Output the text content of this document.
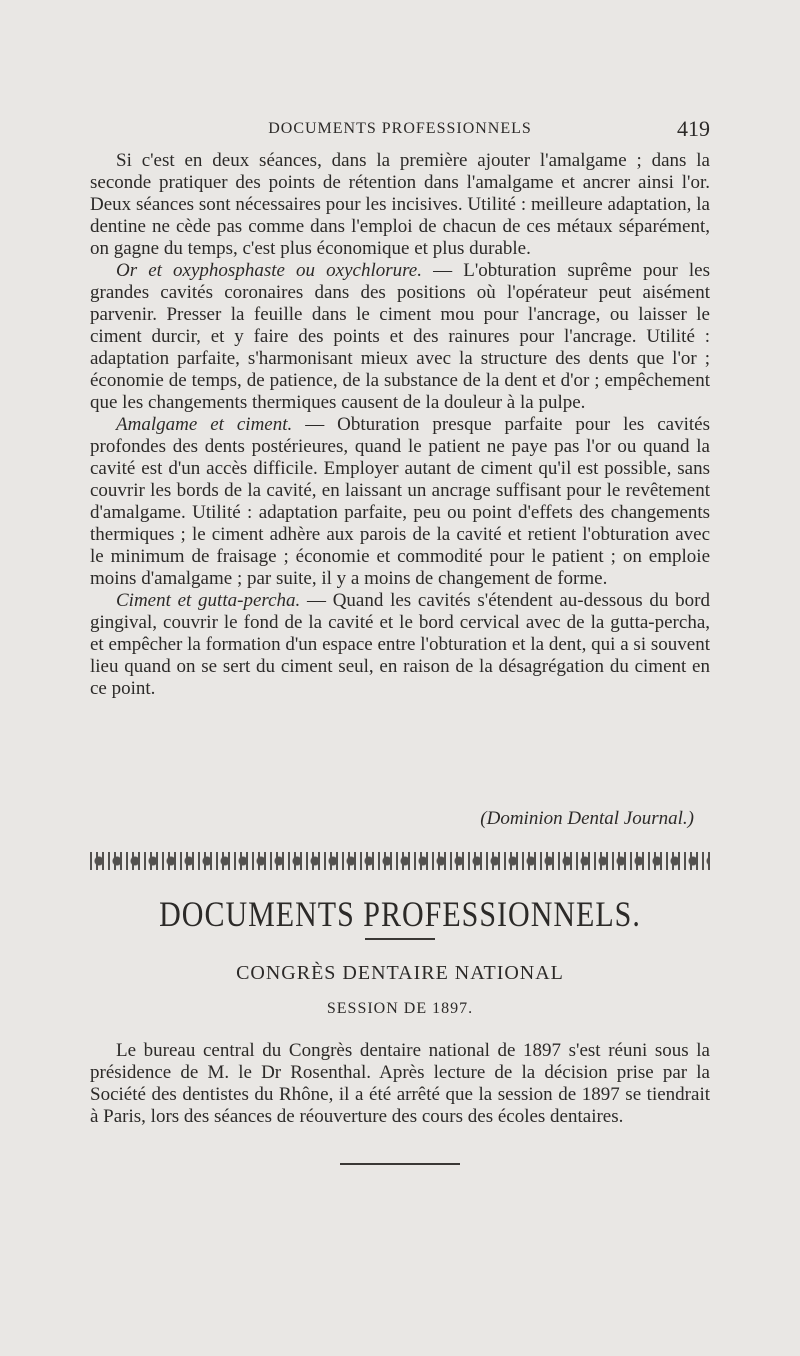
DOCUMENTS PROFESSIONNELS	419

Si c'est en deux séances, dans la première ajouter l'amalgame ; dans la seconde pratiquer des points de rétention dans l'amalgame et ancrer ainsi l'or. Deux séances sont nécessaires pour les incisives. Utilité : meilleure adaptation, la dentine ne cède pas comme dans l'emploi de chacun de ces métaux séparément, on gagne du temps, c'est plus économique et plus durable.

Or et oxyphosphaste ou oxychlorure. — L'obturation suprême pour les grandes cavités coronaires dans des positions où l'opérateur peut aisément parvenir. Presser la feuille dans le ciment mou pour l'ancrage, ou laisser le ciment durcir, et y faire des points et des rainures pour l'ancrage. Utilité : adaptation parfaite, s'harmonisant mieux avec la structure des dents que l'or ; économie de temps, de patience, de la substance de la dent et d'or ; empêchement que les changements thermiques causent de la douleur à la pulpe.

Amalgame et ciment. — Obturation presque parfaite pour les cavités profondes des dents postérieures, quand le patient ne paye pas l'or ou quand la cavité est d'un accès difficile. Employer autant de ciment qu'il est possible, sans couvrir les bords de la cavité, en laissant un ancrage suffisant pour le revêtement d'amalgame. Utilité : adaptation parfaite, peu ou point d'effets des changements thermiques ; le ciment adhère aux parois de la cavité et retient l'obturation avec le minimum de fraisage ; économie et commodité pour le patient ; on emploie moins d'amalgame ; par suite, il y a moins de changement de forme.

Ciment et gutta-percha. — Quand les cavités s'étendent au-dessous du bord gingival, couvrir le fond de la cavité et le bord cervical avec de la gutta-percha, et empêcher la formation d'un espace entre l'obturation et la dent, qui a si souvent lieu quand on se sert du ciment seul, en raison de la désagrégation du ciment en ce point.

(Dominion Dental Journal.)
DOCUMENTS PROFESSIONNELS.
CONGRÈS DENTAIRE NATIONAL
SESSION DE 1897.

Le bureau central du Congrès dentaire national de 1897 s'est réuni sous la présidence de M. le Dr Rosenthal. Après lecture de la décision prise par la Société des dentistes du Rhône, il a été arrêté que la session de 1897 se tiendrait à Paris, lors des séances de réouverture des cours des écoles dentaires.
